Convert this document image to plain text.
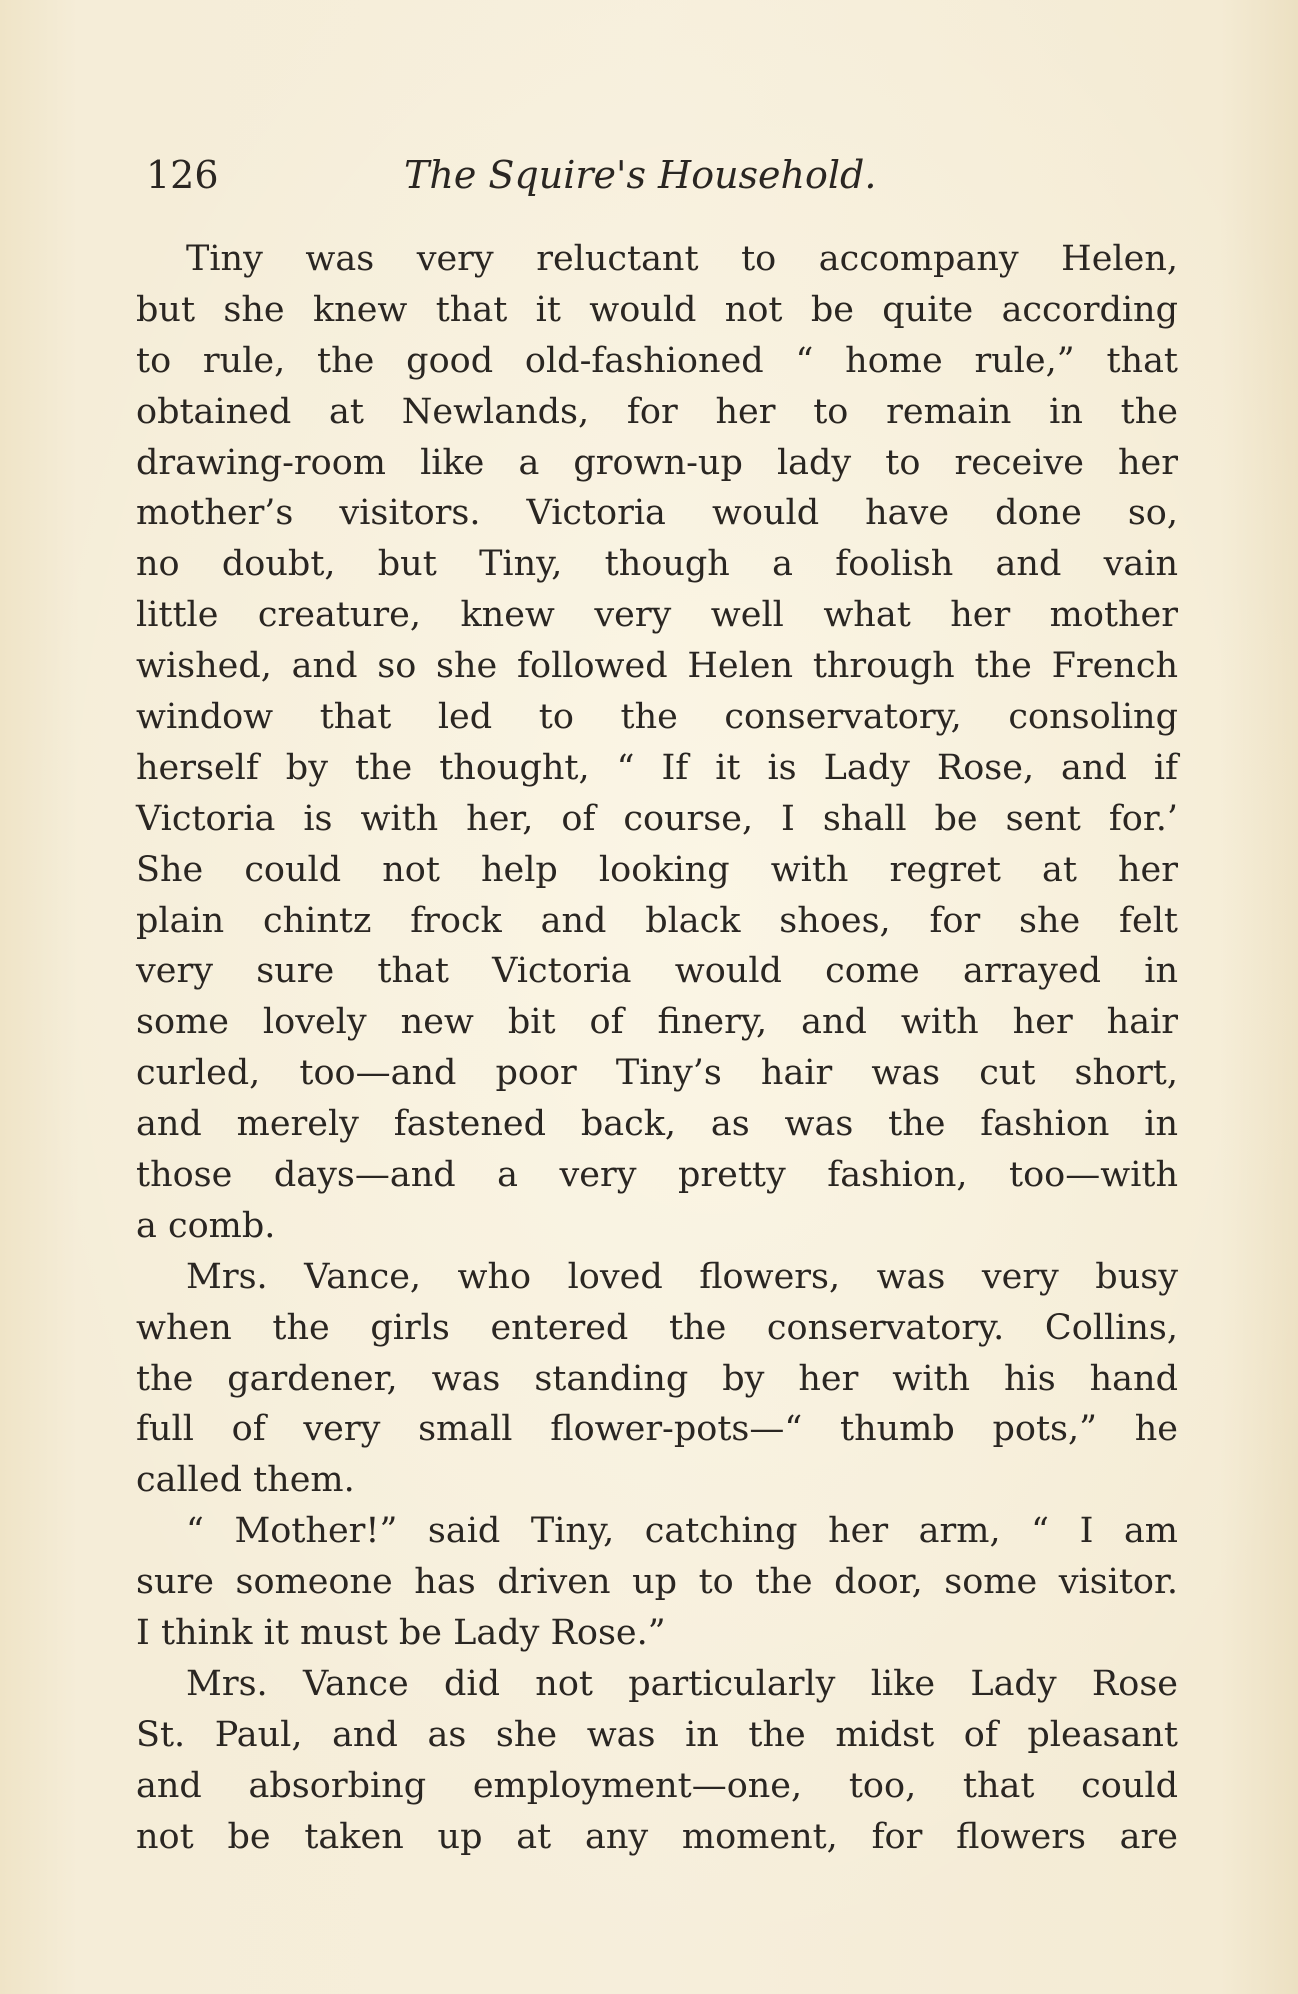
126	The Squire's Household.
Tiny was very reluctant to accompany Helen,
but she knew that it would not be quite according
to rule, the good old-fashioned “ home rule,” that
obtained at Newlands, for her to remain in the
drawing-room like a grown-up lady to receive her
mother’s visitors. Victoria would have done so,
no doubt, but Tiny, though a foolish and vain
little creature, knew very well what her mother
wished, and so she followed Helen through the French
window that led to the conservatory, consoling
herself by the thought, “ If it is Lady Rose, and if
Victoria is with her, of course, I shall be sent for.’
She could not help looking with regret at her
plain chintz frock and black shoes, for she felt
very sure that Victoria would come arrayed in
some lovely new bit of finery, and with her hair
curled, too—and poor Tiny’s hair was cut short,
and merely fastened back, as was the fashion in
those days—and a very pretty fashion, too—with
a comb.
Mrs. Vance, who loved flowers, was very busy
when the girls entered the conservatory. Collins,
the gardener, was standing by her with his hand
full of very small flower-pots—“ thumb pots,” he
called them.
“ Mother!” said Tiny, catching her arm, “ I am
sure someone has driven up to the door, some visitor.
I think it must be Lady Rose.”
Mrs. Vance did not particularly like Lady Rose
St. Paul, and as she was in the midst of pleasant
and absorbing employment—one, too, that could
not be taken up at any moment, for flowers are
